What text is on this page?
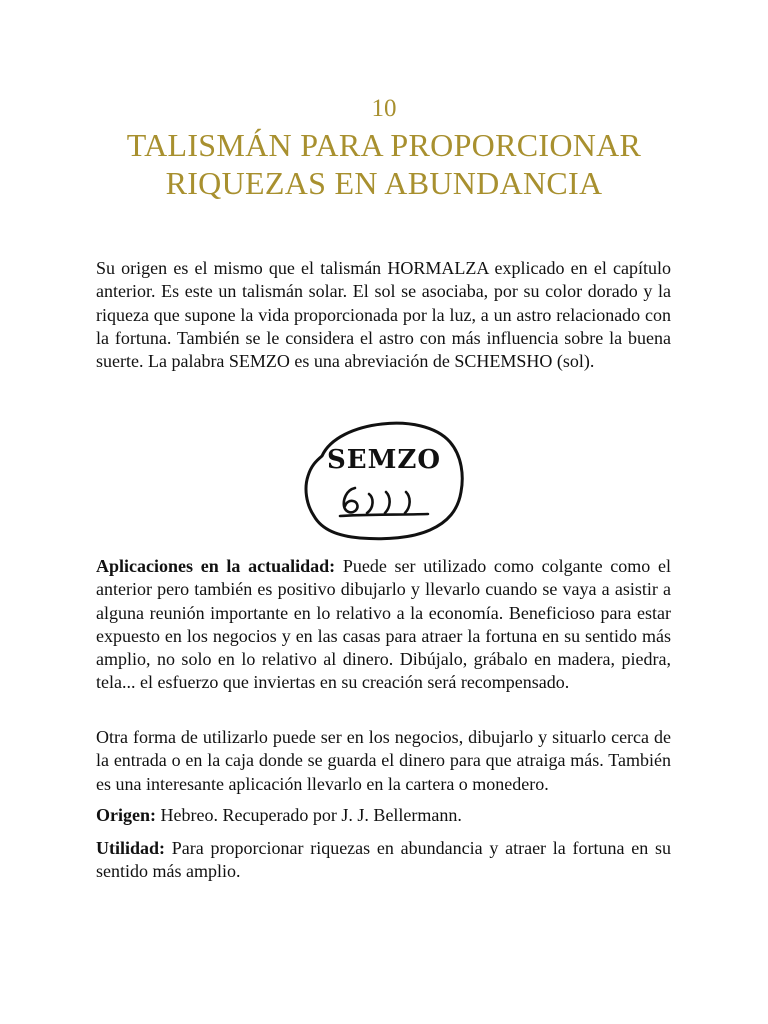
10
TALISMÁN PARA PROPORCIONAR
RIQUEZAS EN ABUNDANCIA

Su origen es el mismo que el talismán HORMALZA explicado en el capítulo anterior. Es este un talismán solar. El sol se asociaba, por su color dorado y la riqueza que supone la vida proporcionada por la luz, a un astro relacionado con la fortuna. También se le considera el astro con más influencia sobre la buena suerte. La palabra SEMZO es una abreviación de SCHEMSHO (sol).

SEMZO

Aplicaciones en la actualidad: Puede ser utilizado como colgante como el anterior pero también es positivo dibujarlo y llevarlo cuando se vaya a asistir a alguna reunión importante en lo relativo a la economía. Beneficioso para estar expuesto en los negocios y en las casas para atraer la fortuna en su sentido más amplio, no solo en lo relativo al dinero. Dibújalo, grábalo en madera, piedra, tela... el esfuerzo que inviertas en su creación será recompensado.

Otra forma de utilizarlo puede ser en los negocios, dibujarlo y situarlo cerca de la entrada o en la caja donde se guarda el dinero para que atraiga más. También es una interesante aplicación llevarlo en la cartera o monedero.

Origen: Hebreo. Recuperado por J. J. Bellermann.

Utilidad: Para proporcionar riquezas en abundancia y atraer la fortuna en su sentido más amplio.
